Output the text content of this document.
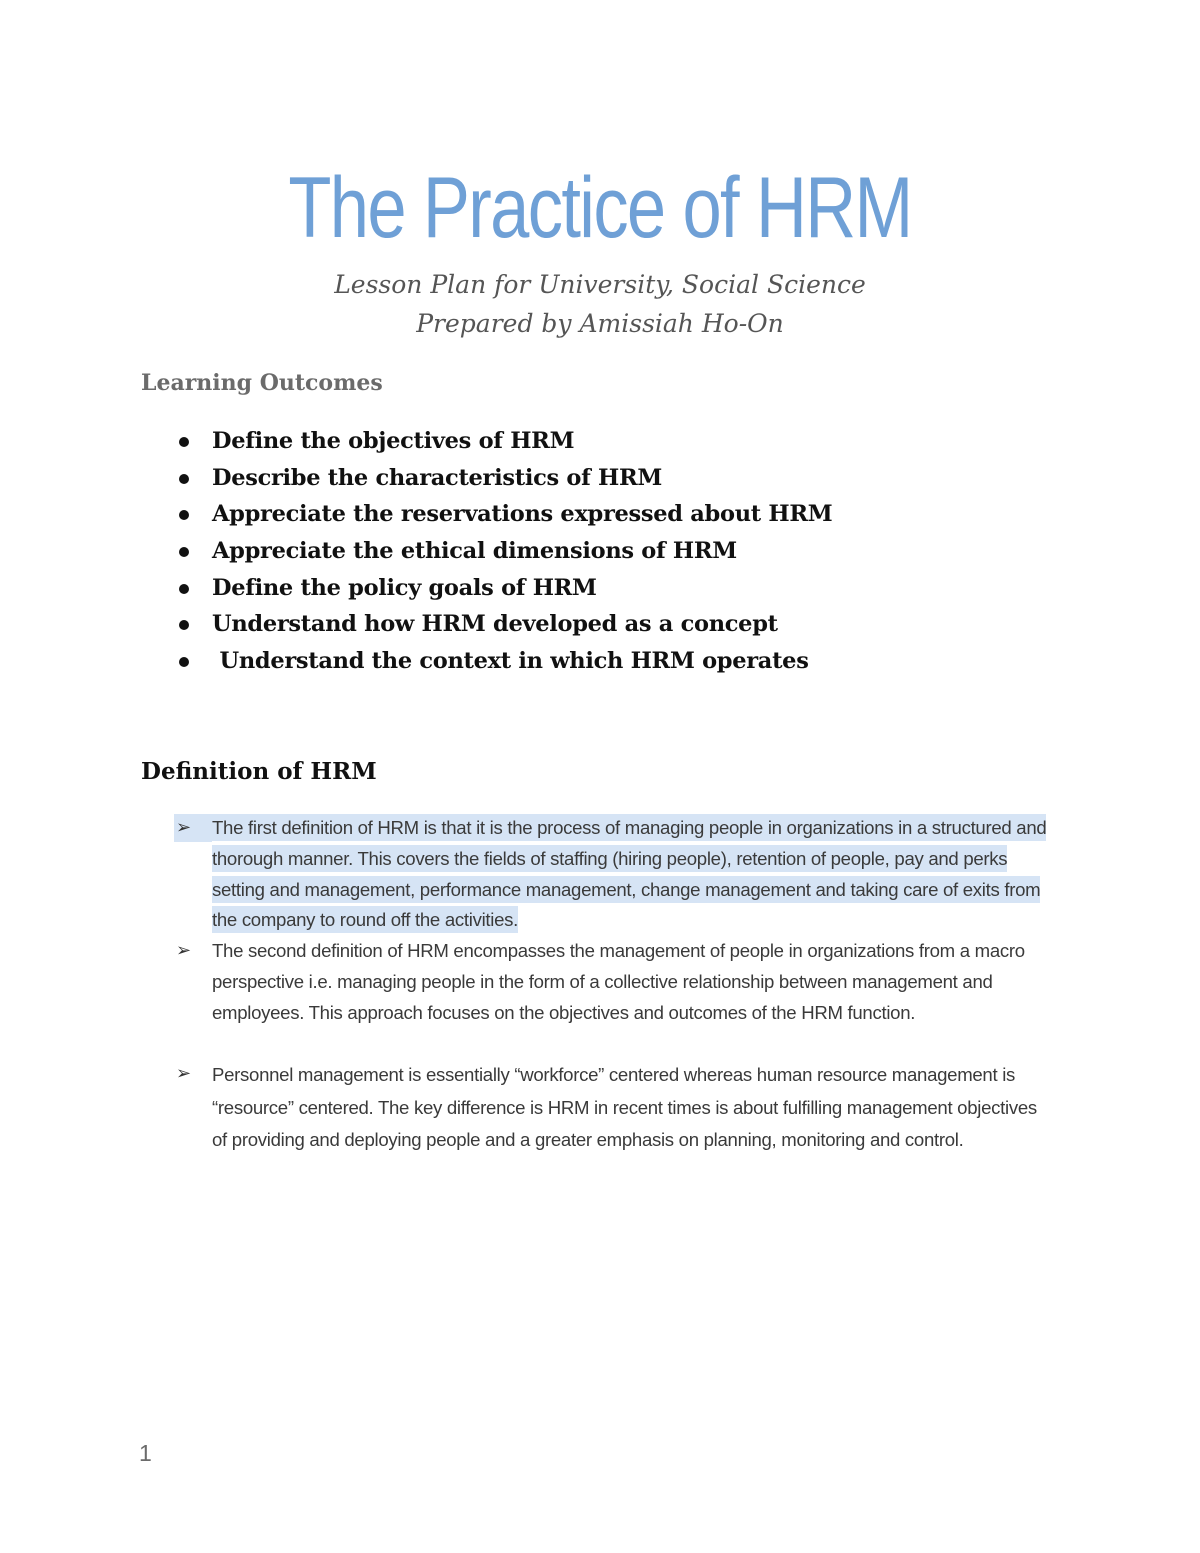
The Practice of HRM

Lesson Plan for University, Social Science

Prepared by Amissiah Ho-On

Learning Outcomes
Define the objectives of HRM
Describe the characteristics of HRM
Appreciate the reservations expressed about HRM
Appreciate the ethical dimensions of HRM
Define the policy goals of HRM
Understand how HRM developed as a concept
Understand the context in which HRM operates
Definition of HRM
➢ The first definition of HRM is that it is the process of managing people in organizations in a structured and thorough manner. This covers the fields of staffing (hiring people), retention of people, pay and perks setting and management, performance management, change management and taking care of exits from the company to round off the activities.

➢ The second definition of HRM encompasses the management of people in organizations from a macro perspective i.e. managing people in the form of a collective relationship between management and employees. This approach focuses on the objectives and outcomes of the HRM function.

➢ Personnel management is essentially “workforce” centered whereas human resource management is “resource” centered. The key difference is HRM in recent times is about fulfilling management objectives of providing and deploying people and a greater emphasis on planning, monitoring and control.

1
